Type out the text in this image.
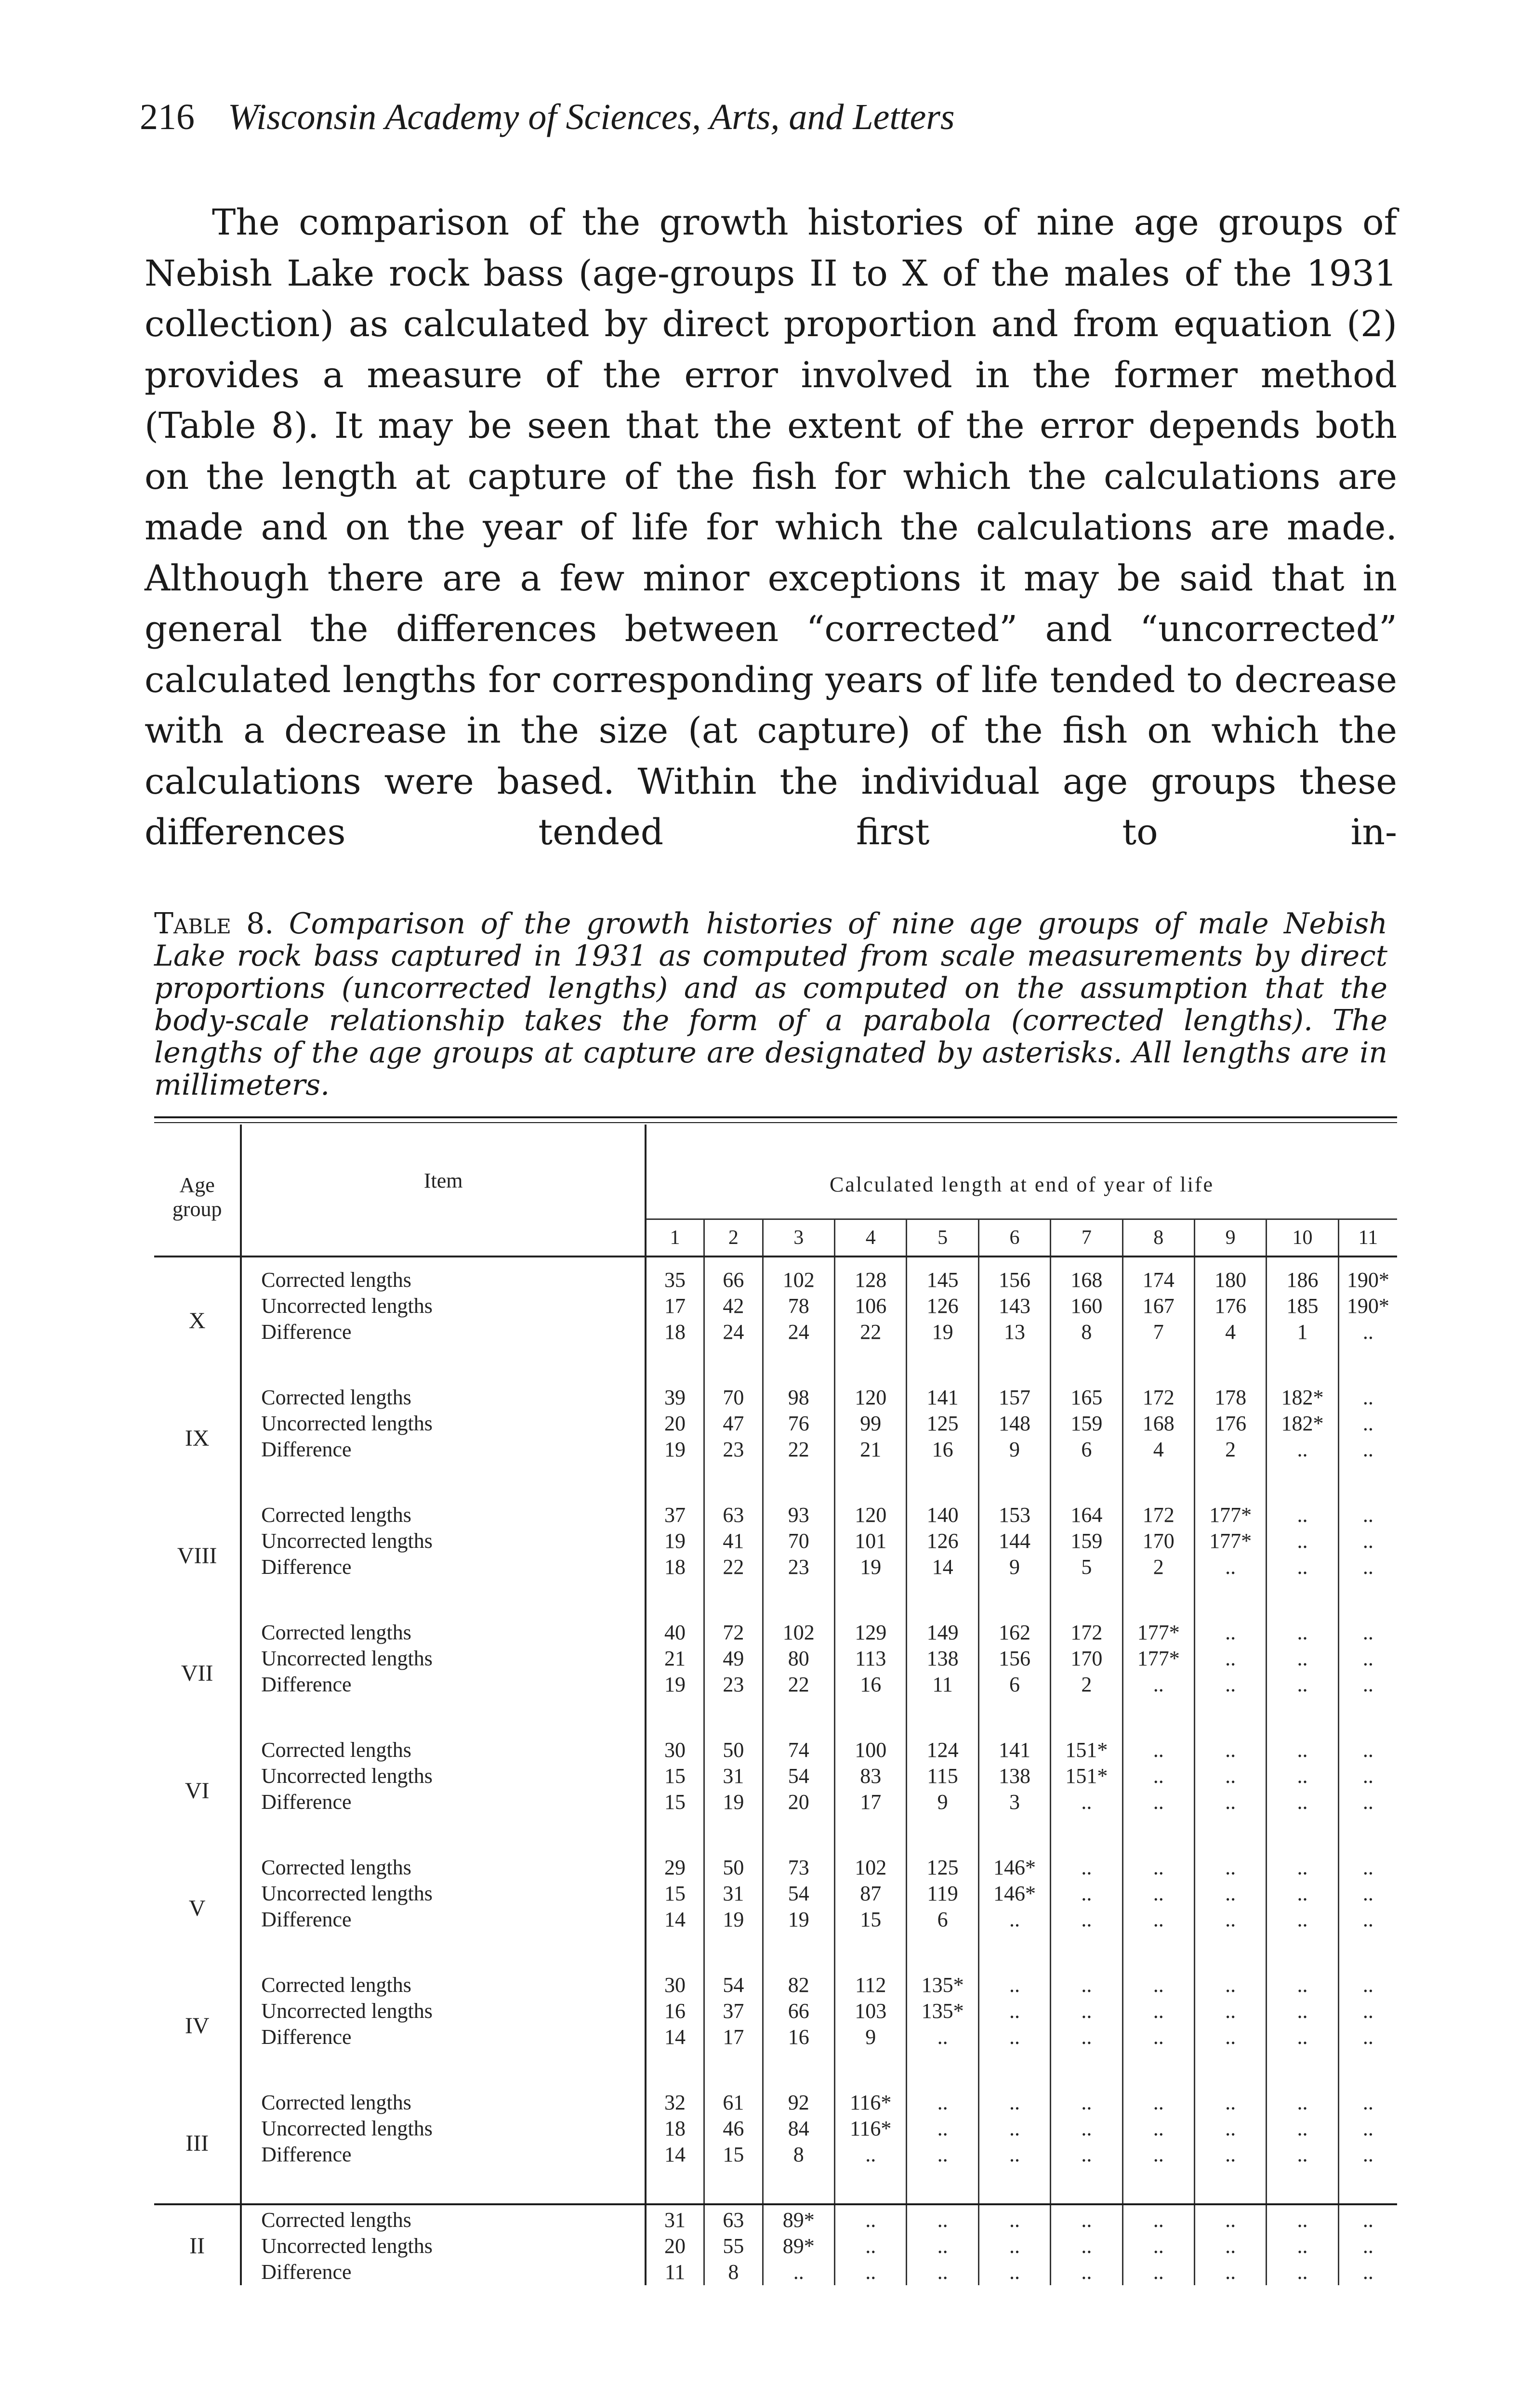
216 Wisconsin Academy of Sciences, Arts, and Letters

The comparison of the growth histories of nine age groups of Nebish Lake rock bass (age-groups II to X of the males of the 1931 collection) as calculated by direct proportion and from equation (2) provides a measure of the error involved in the former method (Table 8). It may be seen that the extent of the error depends both on the length at capture of the fish for which the calculations are made and on the year of life for which the calculations are made. Although there are a few minor exceptions it may be said that in general the differences between “corrected” and “uncorrected” calculated lengths for corresponding years of life tended to decrease with a decrease in the size (at capture) of the fish on which the calculations were based. Within the individual age groups these differences tended first to in-

Table 8. Comparison of the growth histories of nine age groups of male Nebish Lake rock bass captured in 1931 as computed from scale measurements by direct proportions (uncorrected lengths) and as computed on the assumption that the body-scale relationship takes the form of a parabola (corrected lengths). The lengths of the age groups at capture are designated by asterisks. All lengths are in millimeters.

Age group	Item	Calculated length at end of year of life										
		1	2	3	4	5	6	7	8	9	10	11
X	Corrected lengths	35	66	102	128	145	156	168	174	180	186	190*
	Uncorrected lengths	17	42	78	106	126	143	160	167	176	185	190*
	Difference	18	24	24	22	19	13	8	7	4	1	..
IX	Corrected lengths	39	70	98	120	141	157	165	172	178	182*	..
	Uncorrected lengths	20	47	76	99	125	148	159	168	176	182*	..
	Difference	19	23	22	21	16	9	6	4	2	..	..
VIII	Corrected lengths	37	63	93	120	140	153	164	172	177*	..	..
	Uncorrected lengths	19	41	70	101	126	144	159	170	177*	..	..
	Difference	18	22	23	19	14	9	5	2	..	..	..
VII	Corrected lengths	40	72	102	129	149	162	172	177*	..	..	..
	Uncorrected lengths	21	49	80	113	138	156	170	177*	..	..	..
	Difference	19	23	22	16	11	6	2	..	..	..	..
VI	Corrected lengths	30	50	74	100	124	141	151*	..	..	..	..
	Uncorrected lengths	15	31	54	83	115	138	151*	..	..	..	..
	Difference	15	19	20	17	9	3	..	..	..	..	..
V	Corrected lengths	29	50	73	102	125	146*	..	..	..	..	..
	Uncorrected lengths	15	31	54	87	119	146*	..	..	..	..	..
	Difference	14	19	19	15	6	..	..	..	..	..	..
IV	Corrected lengths	30	54	82	112	135*	..	..	..	..	..	..
	Uncorrected lengths	16	37	66	103	135*	..	..	..	..	..	..
	Difference	14	17	16	9	..	..	..	..	..	..	..
III	Corrected lengths	32	61	92	116*	..	..	..	..	..	..	..
	Uncorrected lengths	18	46	84	116*	..	..	..	..	..	..	..
	Difference	14	15	8	..	..	..	..	..	..	..	..
II	Corrected lengths	31	63	89*	..	..	..	..	..	..	..	..
	Uncorrected lengths	20	55	89*	..	..	..	..	..	..	..	..
	Difference	11	8	..	..	..	..	..	..	..	..	..
